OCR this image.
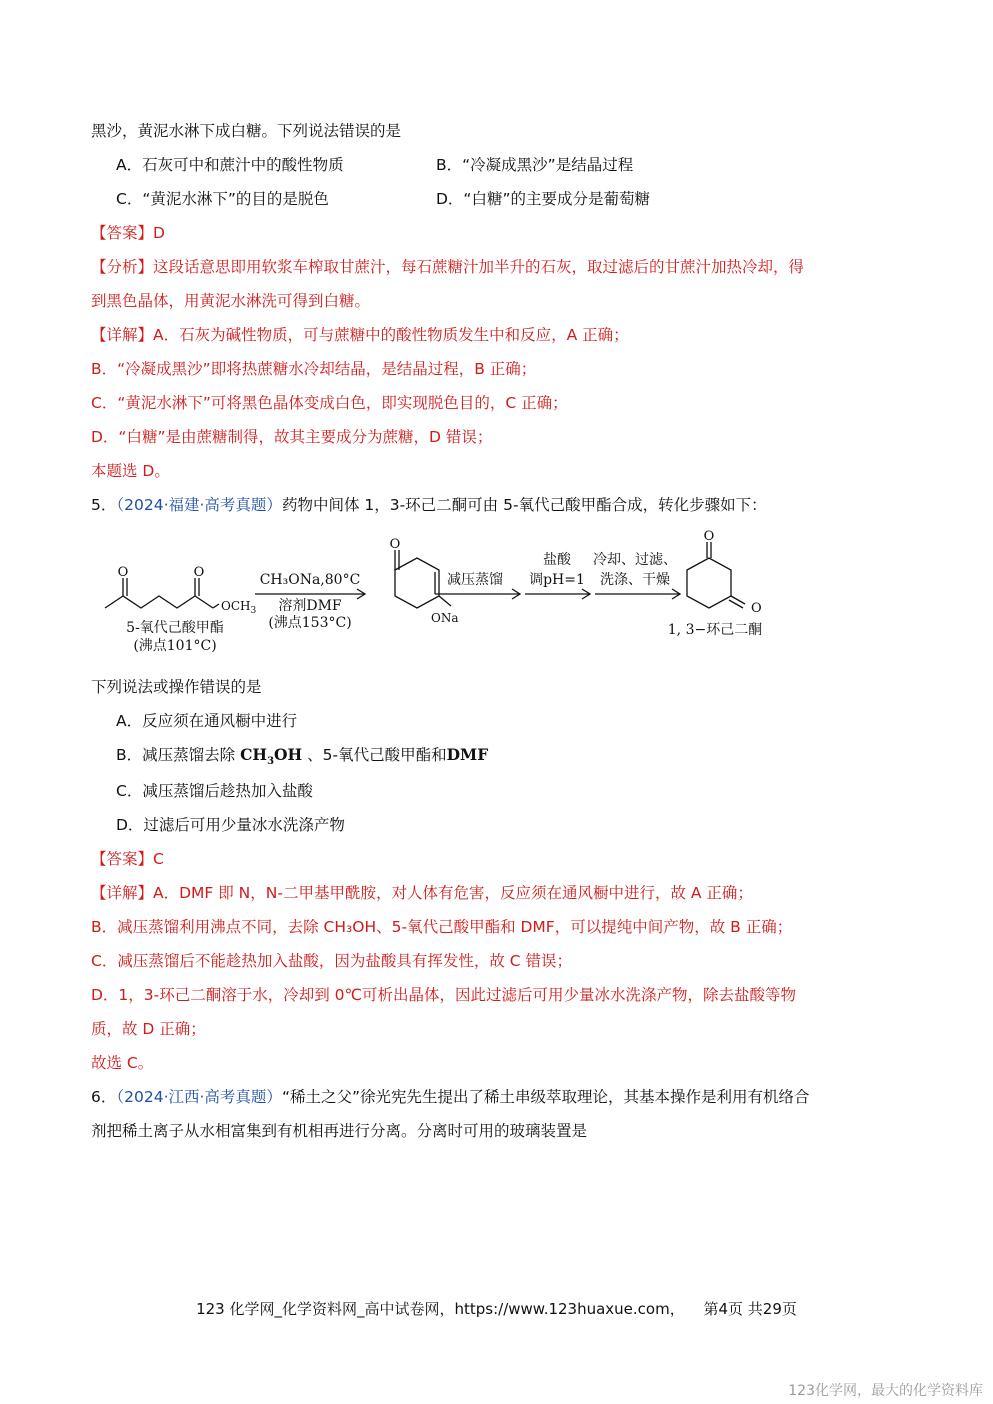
黑沙，黄泥水淋下成白糖。下列说法错误的是
A．石灰可中和蔗汁中的酸性物质	B．“冷凝成黑沙”是结晶过程
C．“黄泥水淋下”的目的是脱色	D．“白糖”的主要成分是葡萄糖
【答案】D
【分析】这段话意思即用软浆车榨取甘蔗汁，每石蔗糖汁加半升的石灰，取过滤后的甘蔗汁加热冷却，得
到黑色晶体，用黄泥水淋洗可得到白糖。
【详解】A．石灰为碱性物质，可与蔗糖中的酸性物质发生中和反应，A 正确；
B．“冷凝成黑沙”即将热蔗糖水冷却结晶，是结晶过程，B 正确；
C．“黄泥水淋下”可将黑色晶体变成白色，即实现脱色目的，C 正确；
D．“白糖”是由蔗糖制得，故其主要成分为蔗糖，D 错误；
本题选 D。
5．（2024·福建·高考真题）药物中间体 1，3-环己二酮可由 5-氧代己酸甲酯合成，转化步骤如下：
O	O
$OCH_3$
5-氧代己酸甲酯
(沸点101°C)
CH₃ONa,80°C
溶剂DMF
(沸点153°C)
O
ONa
减压蒸馏
盐酸
调pH=1
冷却、过滤、
洗涤、干燥
O
O
1, 3−环己二酮
下列说法或操作错误的是
A．反应须在通风橱中进行
B．减压蒸馏去除 $CH_3OH$ 、5-氧代己酸甲酯和DMF
C．减压蒸馏后趁热加入盐酸
D．过滤后可用少量冰水洗涤产物
【答案】C
【详解】A．DMF 即 N，N-二甲基甲酰胺，对人体有危害，反应须在通风橱中进行，故 A 正确；
B．减压蒸馏利用沸点不同，去除 CH₃OH、5-氧代己酸甲酯和 DMF，可以提纯中间产物，故 B 正确；
C．减压蒸馏后不能趁热加入盐酸，因为盐酸具有挥发性，故 C 错误；
D．1，3-环己二酮溶于水，冷却到 0℃可析出晶体，因此过滤后可用少量冰水洗涤产物，除去盐酸等物
质，故 D 正确；
故选 C。
6．（2024·江西·高考真题）“稀土之父”徐光宪先生提出了稀土串级萃取理论，其基本操作是利用有机络合
剂把稀土离子从水相富集到有机相再进行分离。分离时可用的玻璃装置是
123 化学网_化学资料网_高中试卷网，https://www.123huaxue.com， 第4页 共29页
123化学网，最大的化学资料库
